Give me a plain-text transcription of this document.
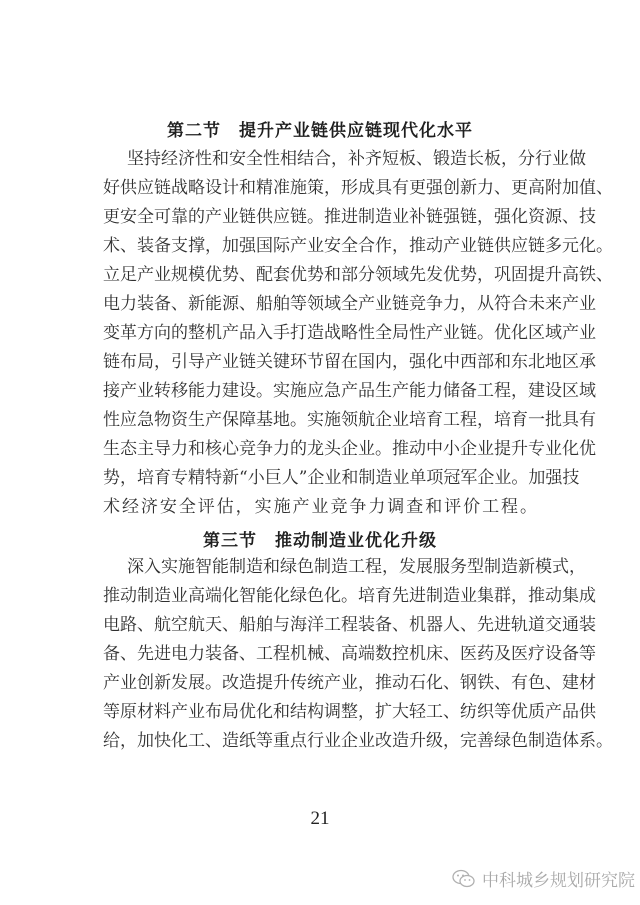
第二节 提升产业链供应链现代化水平
坚 持 经 济 性 和 安 全 性 相 结 合 ， 补 齐 短 板 、 锻 造 长 板 ， 分 行 业 做
好 供 应 链 战 略 设 计 和 精 准 施 策 ， 形 成 具 有 更 强 创 新 力 、 更 高 附 加 值 、
更 安 全 可 靠 的 产 业 链 供 应 链 。 推 进 制 造 业 补 链 强 链 ， 强 化 资 源 、 技
术 、 装 备 支 撑 ， 加 强 国 际 产 业 安 全 合 作 ， 推 动 产 业 链 供 应 链 多 元 化 。
立 足 产 业 规 模 优 势 、 配 套 优 势 和 部 分 领 域 先 发 优 势 ， 巩 固 提 升 高 铁 、
电 力 装 备 、 新 能 源 、 船 舶 等 领 域 全 产 业 链 竞 争 力 ， 从 符 合 未 来 产 业
变 革 方 向 的 整 机 产 品 入 手 打 造 战 略 性 全 局 性 产 业 链 。 优 化 区 域 产 业
链 布 局 ， 引 导 产 业 链 关 键 环 节 留 在 国 内 ， 强 化 中 西 部 和 东 北 地 区 承
接 产 业 转 移 能 力 建 设 。 实 施 应 急 产 品 生 产 能 力 储 备 工 程 ， 建 设 区 域
性 应 急 物 资 生 产 保 障 基 地 。 实 施 领 航 企 业 培 育 工 程 ， 培 育 一 批 具 有
生 态 主 导 力 和 核 心 竞 争 力 的 龙 头 企 业 。 推 动 中 小 企 业 提 升 专 业 化 优
势 ， 培 育 专 精 特 新 “ 小 巨 人 ” 企 业 和 制 造 业 单 项 冠 军 企 业 。 加 强 技
术 经 济 安 全 评 估 ， 实 施 产 业 竞 争 力 调 查 和 评 价 工 程 。
第三节 推动制造业优化升级
深 入 实 施 智 能 制 造 和 绿 色 制 造 工 程 ， 发 展 服 务 型 制 造 新 模 式 ，
推 动 制 造 业 高 端 化 智 能 化 绿 色 化 。 培 育 先 进 制 造 业 集 群 ， 推 动 集 成
电 路 、 航 空 航 天 、 船 舶 与 海 洋 工 程 装 备 、 机 器 人 、 先 进 轨 道 交 通 装
备 、 先 进 电 力 装 备 、 工 程 机 械 、 高 端 数 控 机 床 、 医 药 及 医 疗 设 备 等
产 业 创 新 发 展 。 改 造 提 升 传 统 产 业 ， 推 动 石 化 、 钢 铁 、 有 色 、 建 材
等 原 材 料 产 业 布 局 优 化 和 结 构 调 整 ， 扩 大 轻 工 、 纺 织 等 优 质 产 品 供
给 ， 加 快 化 工 、 造 纸 等 重 点 行 业 企 业 改 造 升 级 ， 完 善 绿 色 制 造 体 系 。
21
中科城乡规划研究院
